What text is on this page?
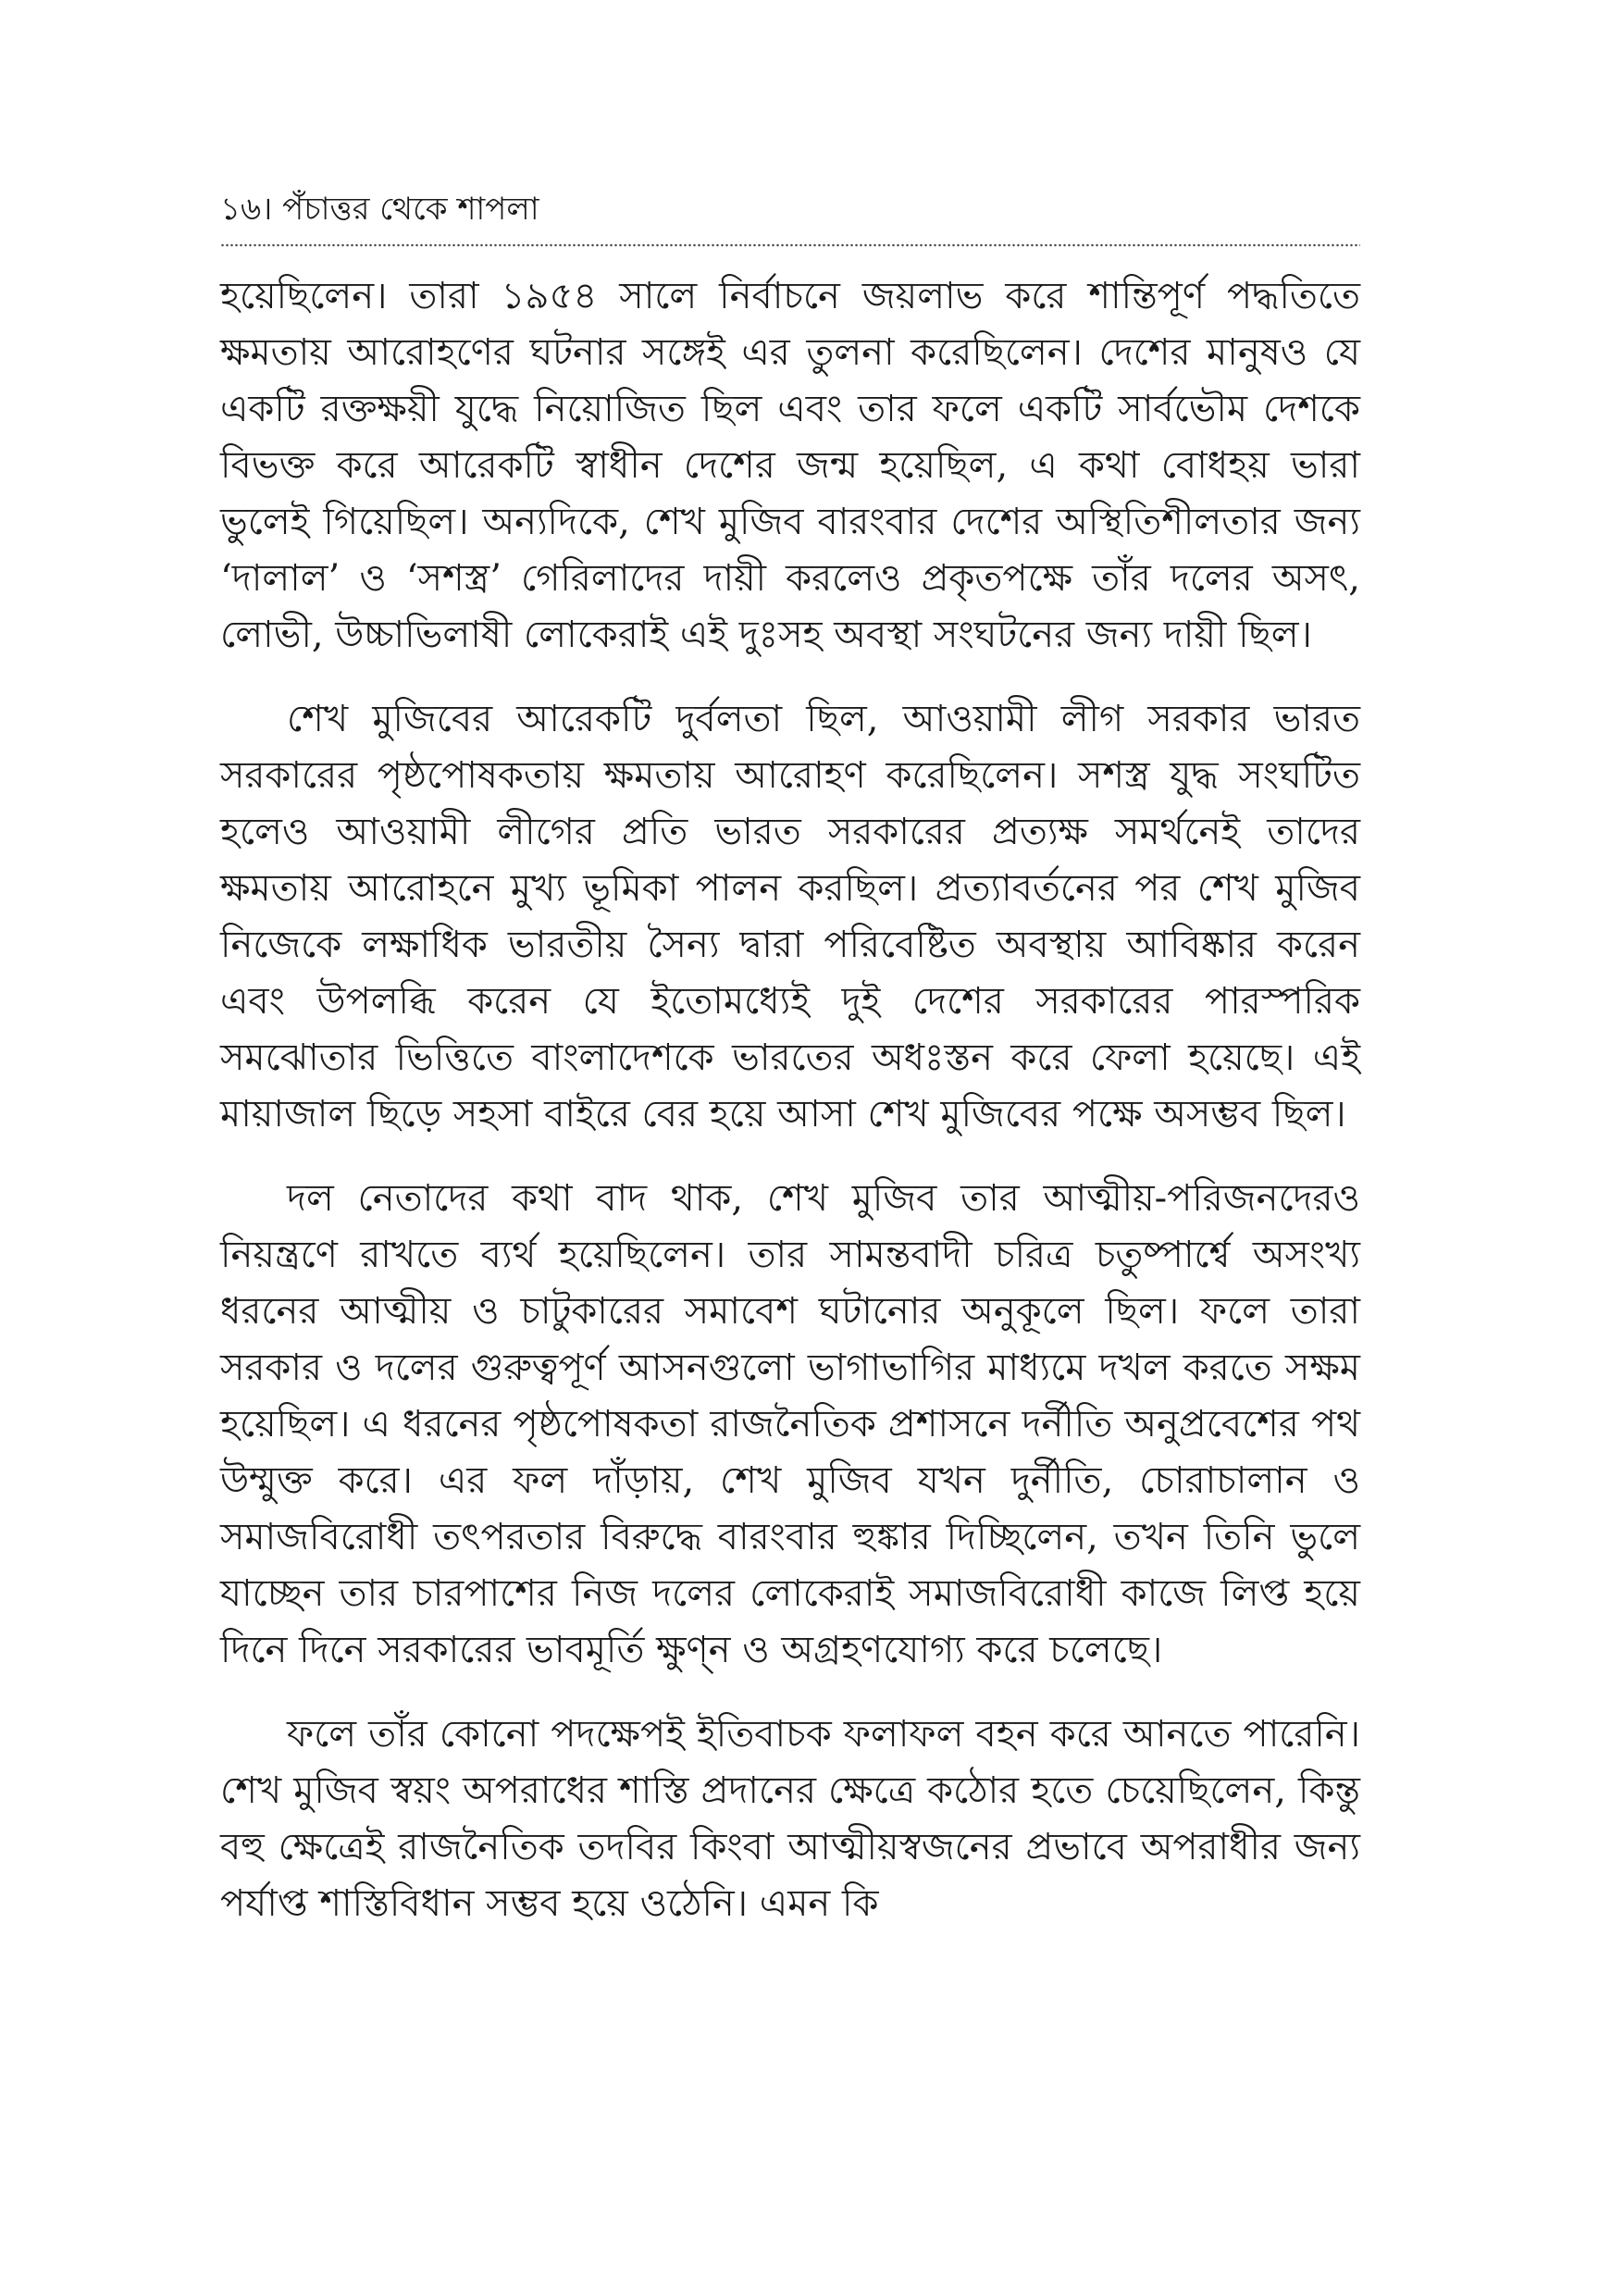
১৬। পঁচাত্তর থেকে শাপলা

হয়েছিলেন। তারা ১৯৫৪ সালে নির্বাচনে জয়লাভ করে শান্তিপূর্ণ পদ্ধতিতে ক্ষমতায় আরোহণের ঘটনার সঙ্গেই এর তুলনা করেছিলেন। দেশের মানুষও যে একটি রক্তক্ষয়ী যুদ্ধে নিয়োজিত ছিল এবং তার ফলে একটি সার্বভৌম দেশকে বিভক্ত করে আরেকটি স্বাধীন দেশের জন্ম হয়েছিল, এ কথা বোধহয় ভারা ভুলেই গিয়েছিল। অন্যদিকে, শেখ মুজিব বারংবার দেশের অস্থিতিশীলতার জন্য ‘দালাল’ ও ‘সশস্ত্র’ গেরিলাদের দায়ী করলেও প্রকৃতপক্ষে তাঁর দলের অসৎ, লোভী, উচ্চাভিলাষী লোকেরাই এই দুঃসহ অবস্থা সংঘটনের জন্য দায়ী ছিল।

শেখ মুজিবের আরেকটি দুর্বলতা ছিল, আওয়ামী লীগ সরকার ভারত সরকারের পৃষ্ঠপোষকতায় ক্ষমতায় আরোহণ করেছিলেন। সশস্ত্র যুদ্ধ সংঘটিত হলেও আওয়ামী লীগের প্রতি ভারত সরকারের প্রত্যক্ষ সমর্থনেই তাদের ক্ষমতায় আরোহনে মুখ্য ভূমিকা পালন করছিল। প্রত্যাবর্তনের পর শেখ মুজিব নিজেকে লক্ষাধিক ভারতীয় সৈন্য দ্বারা পরিবেষ্টিত অবস্থায় আবিষ্কার করেন এবং উপলব্ধি করেন যে ইতোমধ্যেই দুই দেশের সরকারের পারস্পরিক সমঝোতার ভিত্তিতে বাংলাদেশকে ভারতের অধঃস্তন করে ফেলা হয়েছে। এই মায়াজাল ছিড়ে সহসা বাইরে বের হয়ে আসা শেখ মুজিবের পক্ষে অসম্ভব ছিল।

দল নেতাদের কথা বাদ থাক, শেখ মুজিব তার আত্মীয়-পরিজনদেরও নিয়ন্ত্রণে রাখতে ব্যর্থ হয়েছিলেন। তার সামন্তবাদী চরিত্র চতুষ্পার্শ্বে অসংখ্য ধরনের আত্মীয় ও চাটুকারের সমাবেশ ঘটানোর অনুকূলে ছিল। ফলে তারা সরকার ও দলের গুরুত্বপূর্ণ আসনগুলো ভাগাভাগির মাধ্যমে দখল করতে সক্ষম হয়েছিল। এ ধরনের পৃষ্ঠপোষকতা রাজনৈতিক প্রশাসনে দর্নীতি অনুপ্রবেশের পথ উম্মুক্ত করে। এর ফল দাঁড়ায়, শেখ মুজিব যখন দুর্নীতি, চোরাচালান ও সমাজবিরোধী তৎপরতার বিরুদ্ধে বারংবার হুঙ্কার দিচ্ছিলেন, তখন তিনি ভুলে যাচ্ছেন তার চারপাশের নিজ দলের লোকেরাই সমাজবিরোধী কাজে লিপ্ত হয়ে দিনে দিনে সরকারের ভাবমূর্তি ক্ষুণ্ন ও অগ্রহণযোগ্য করে চলেছে।

ফলে তাঁর কোনো পদক্ষেপই ইতিবাচক ফলাফল বহন করে আনতে পারেনি। শেখ মুজিব স্বয়ং অপরাধের শাস্তি প্রদানের ক্ষেত্রে কঠোর হতে চেয়েছিলেন, কিন্তু বহু ক্ষেত্রেই রাজনৈতিক তদবির কিংবা আত্মীয়স্বজনের প্রভাবে অপরাধীর জন্য পর্যাপ্ত শাস্তিবিধান সম্ভব হয়ে ওঠেনি। এমন কি
